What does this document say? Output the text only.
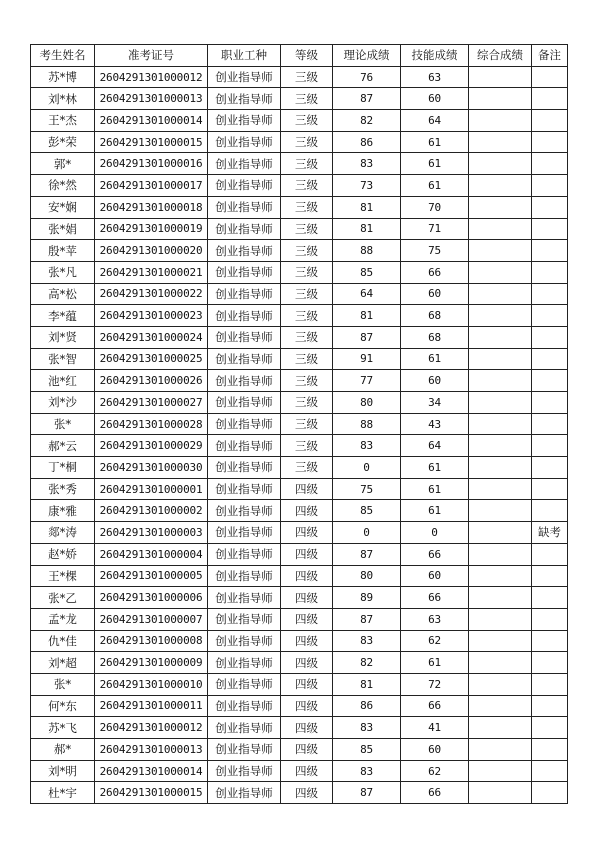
考生姓名	准考证号	职业工种	等级	理论成绩	技能成绩	综合成绩	备注
苏*博	2604291301000012	创业指导师	三级	76	63		
刘*林	2604291301000013	创业指导师	三级	87	60		
王*杰	2604291301000014	创业指导师	三级	82	64		
彭*荣	2604291301000015	创业指导师	三级	86	61		
郭*	2604291301000016	创业指导师	三级	83	61		
徐*然	2604291301000017	创业指导师	三级	73	61		
安*娴	2604291301000018	创业指导师	三级	81	70		
张*娟	2604291301000019	创业指导师	三级	81	71		
殷*苹	2604291301000020	创业指导师	三级	88	75		
张*凡	2604291301000021	创业指导师	三级	85	66		
高*松	2604291301000022	创业指导师	三级	64	60		
李*蕴	2604291301000023	创业指导师	三级	81	68		
刘*贤	2604291301000024	创业指导师	三级	87	68		
张*智	2604291301000025	创业指导师	三级	91	61		
池*红	2604291301000026	创业指导师	三级	77	60		
刘*沙	2604291301000027	创业指导师	三级	80	34		
张*	2604291301000028	创业指导师	三级	88	43		
郝*云	2604291301000029	创业指导师	三级	83	64		
丁*桐	2604291301000030	创业指导师	三级	0	61		
张*秀	2604291301000001	创业指导师	四级	75	61		
康*雅	2604291301000002	创业指导师	四级	85	61		
郯*涛	2604291301000003	创业指导师	四级	0	0		缺考
赵*娇	2604291301000004	创业指导师	四级	87	66		
王*棵	2604291301000005	创业指导师	四级	80	60		
张*乙	2604291301000006	创业指导师	四级	89	66		
孟*龙	2604291301000007	创业指导师	四级	87	63		
仇*佳	2604291301000008	创业指导师	四级	83	62		
刘*超	2604291301000009	创业指导师	四级	82	61		
张*	2604291301000010	创业指导师	四级	81	72		
何*东	2604291301000011	创业指导师	四级	86	66		
苏*飞	2604291301000012	创业指导师	四级	83	41		
郝*	2604291301000013	创业指导师	四级	85	60		
刘*明	2604291301000014	创业指导师	四级	83	62		
杜*宇	2604291301000015	创业指导师	四级	87	66		
